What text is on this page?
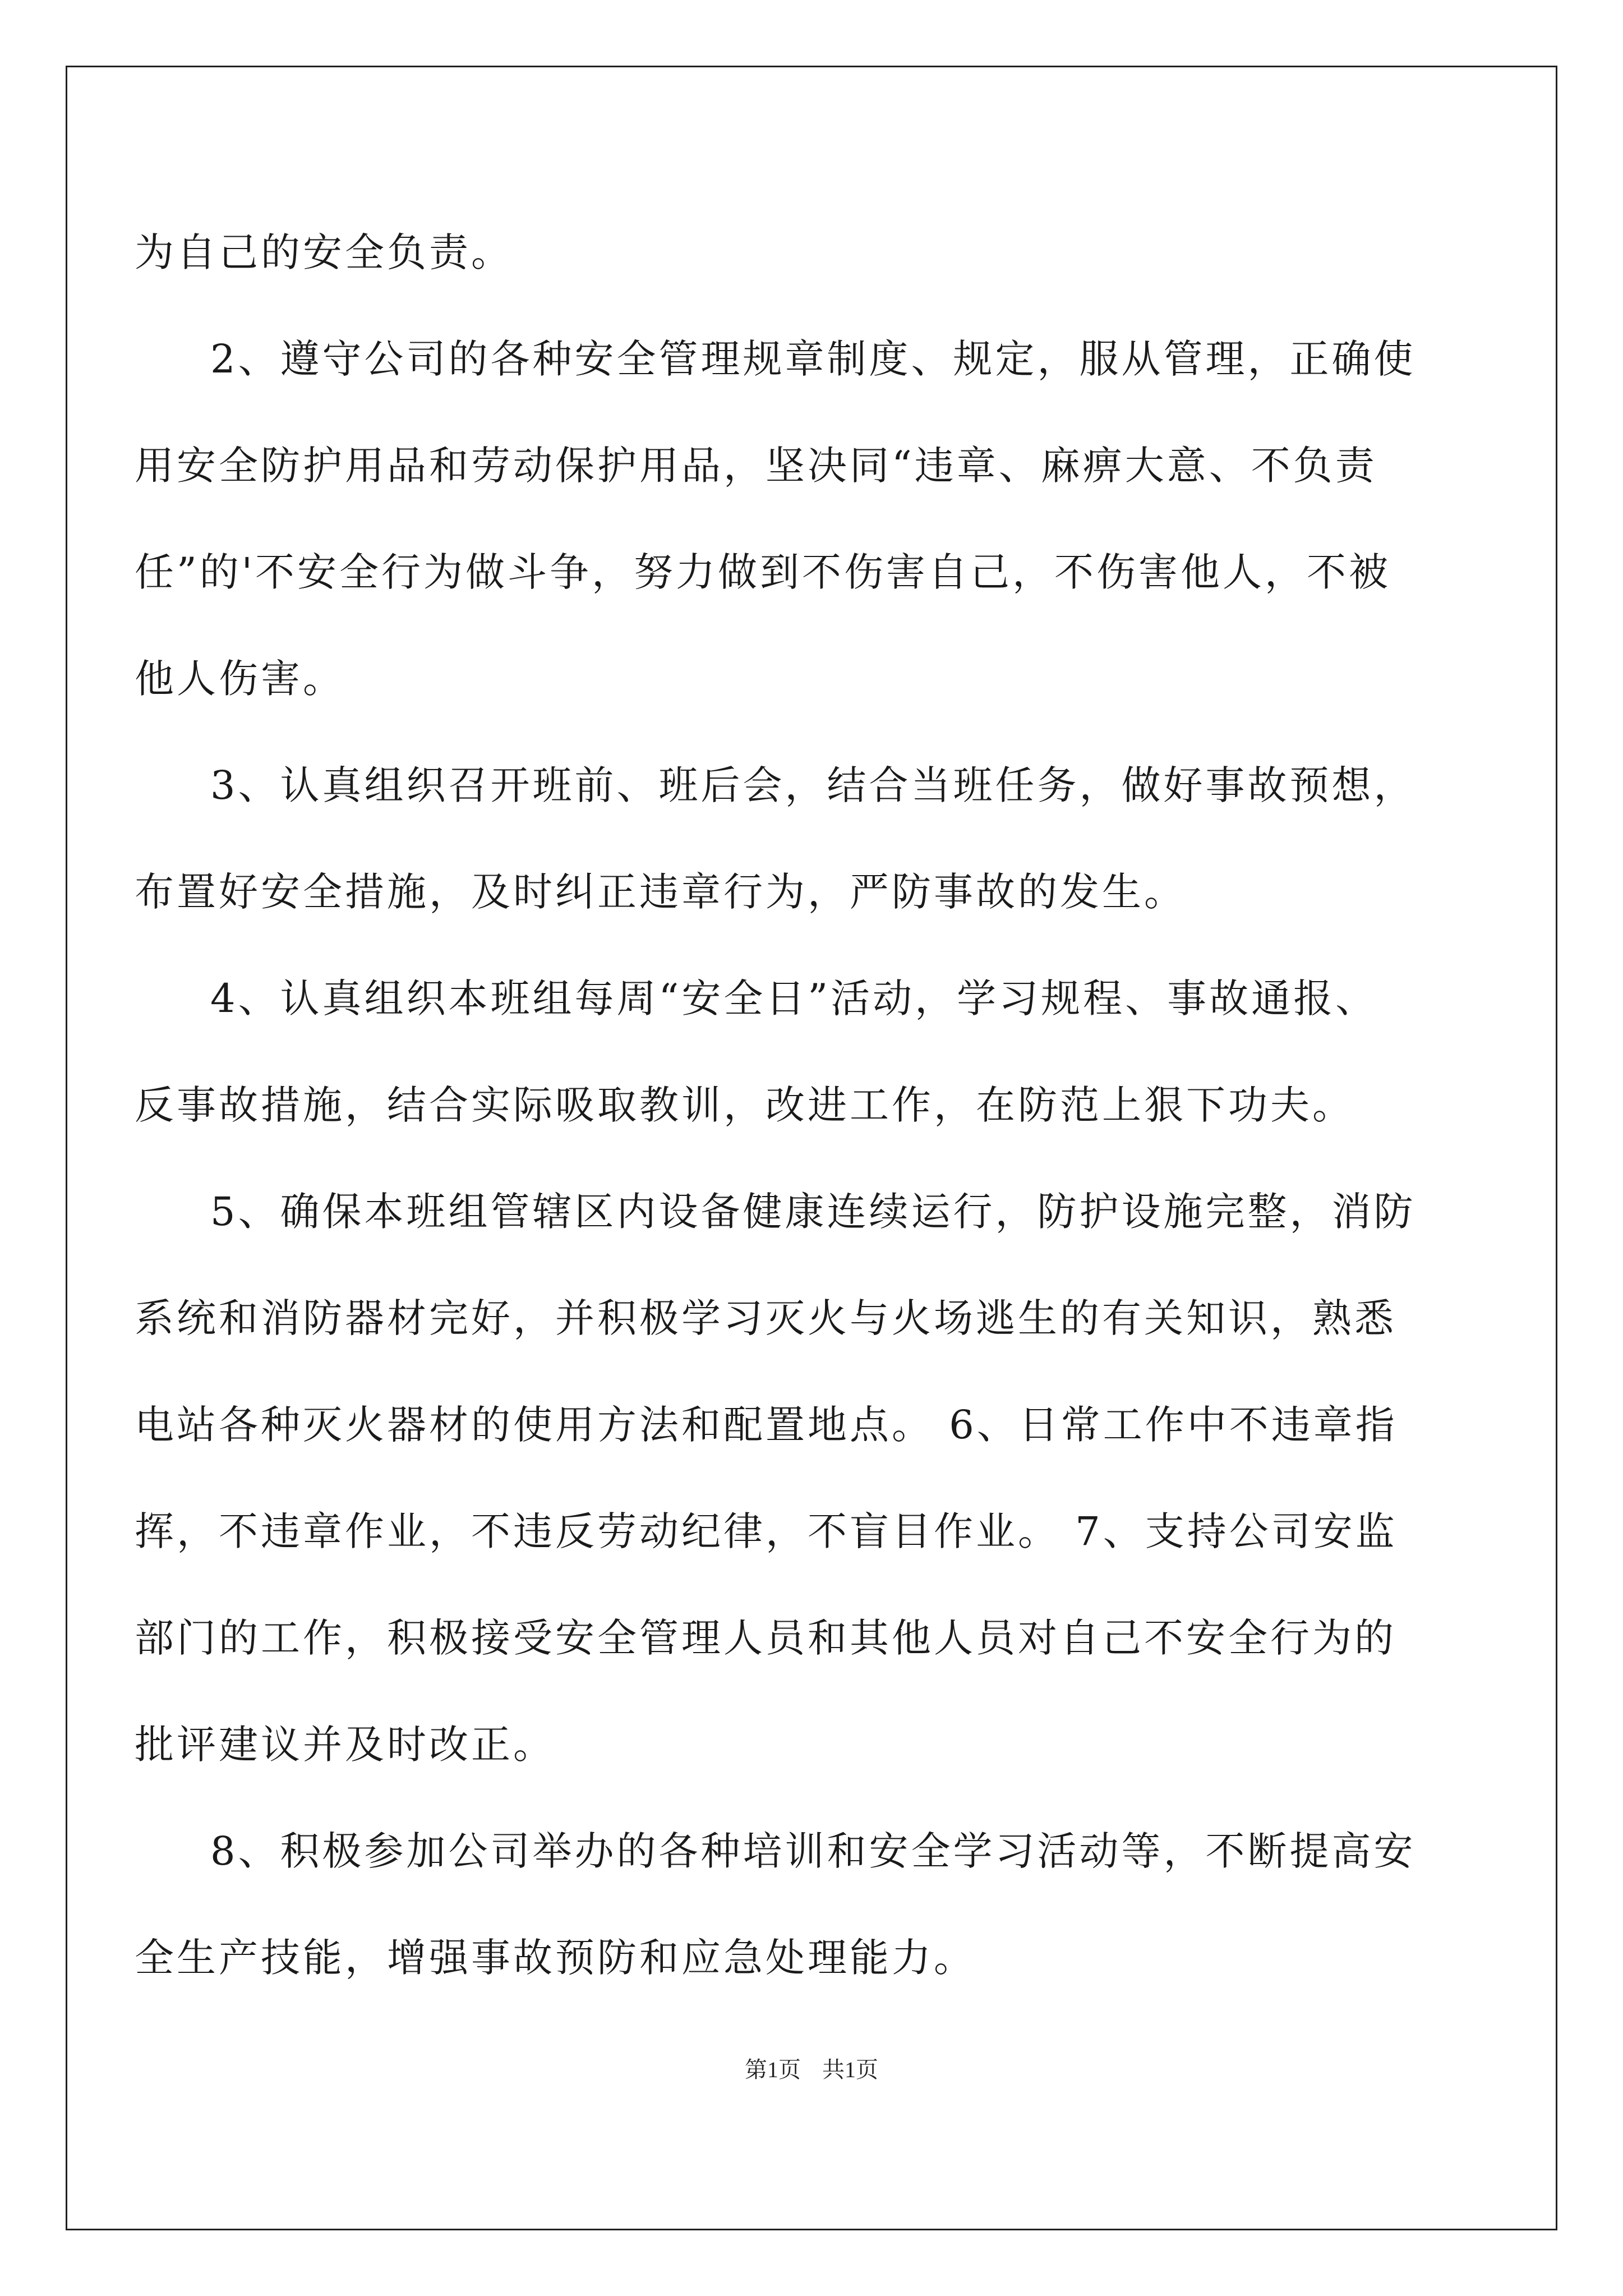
为自己的安全负责。
2、遵守公司的各种安全管理规章制度、规定，服从管理，正确使
用安全防护用品和劳动保护用品，坚决同“违章、麻痹大意、不负责
任”的'不安全行为做斗争，努力做到不伤害自己，不伤害他人，不被
他人伤害。
3、认真组织召开班前、班后会，结合当班任务，做好事故预想，
布置好安全措施，及时纠正违章行为，严防事故的发生。
4、认真组织本班组每周“安全日”活动，学习规程、事故通报、
反事故措施，结合实际吸取教训，改进工作，在防范上狠下功夫。
5、确保本班组管辖区内设备健康连续运行，防护设施完整，消防
系统和消防器材完好，并积极学习灭火与火场逃生的有关知识，熟悉
电站各种灭火器材的使用方法和配置地点。 6、日常工作中不违章指
挥，不违章作业，不违反劳动纪律，不盲目作业。 7、支持公司安监
部门的工作，积极接受安全管理人员和其他人员对自己不安全行为的
批评建议并及时改正。
8、积极参加公司举办的各种培训和安全学习活动等，不断提高安
全生产技能，增强事故预防和应急处理能力。
第1页 共1页
